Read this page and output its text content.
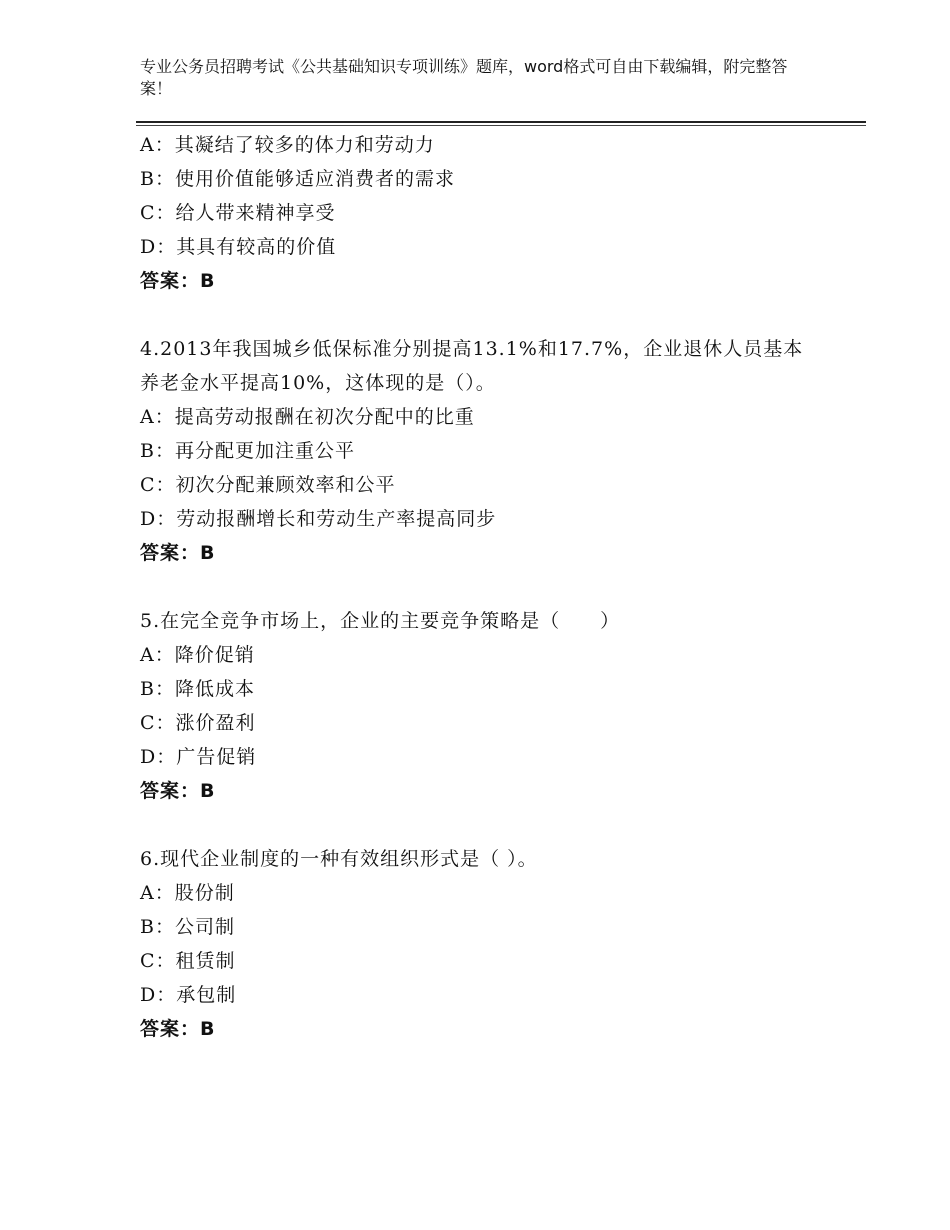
专业公务员招聘考试《公共基础知识专项训练》题库，word格式可自由下载编辑，附完整答案！
A：其凝结了较多的体力和劳动力
B：使用价值能够适应消费者的需求
C：给人带来精神享受
D：其具有较高的价值
答案：B
4.2013年我国城乡低保标准分别提高13.1%和17.7%，企业退休人员基本养老金水平提高10%，这体现的是（）。
A：提高劳动报酬在初次分配中的比重
B：再分配更加注重公平
C：初次分配兼顾效率和公平
D：劳动报酬增长和劳动生产率提高同步
答案：B
5.在完全竞争市场上，企业的主要竞争策略是（　　）
A：降价促销
B：降低成本
C：涨价盈利
D：广告促销
答案：B
6.现代企业制度的一种有效组织形式是（ ）。
A：股份制
B：公司制
C：租赁制
D：承包制
答案：B
